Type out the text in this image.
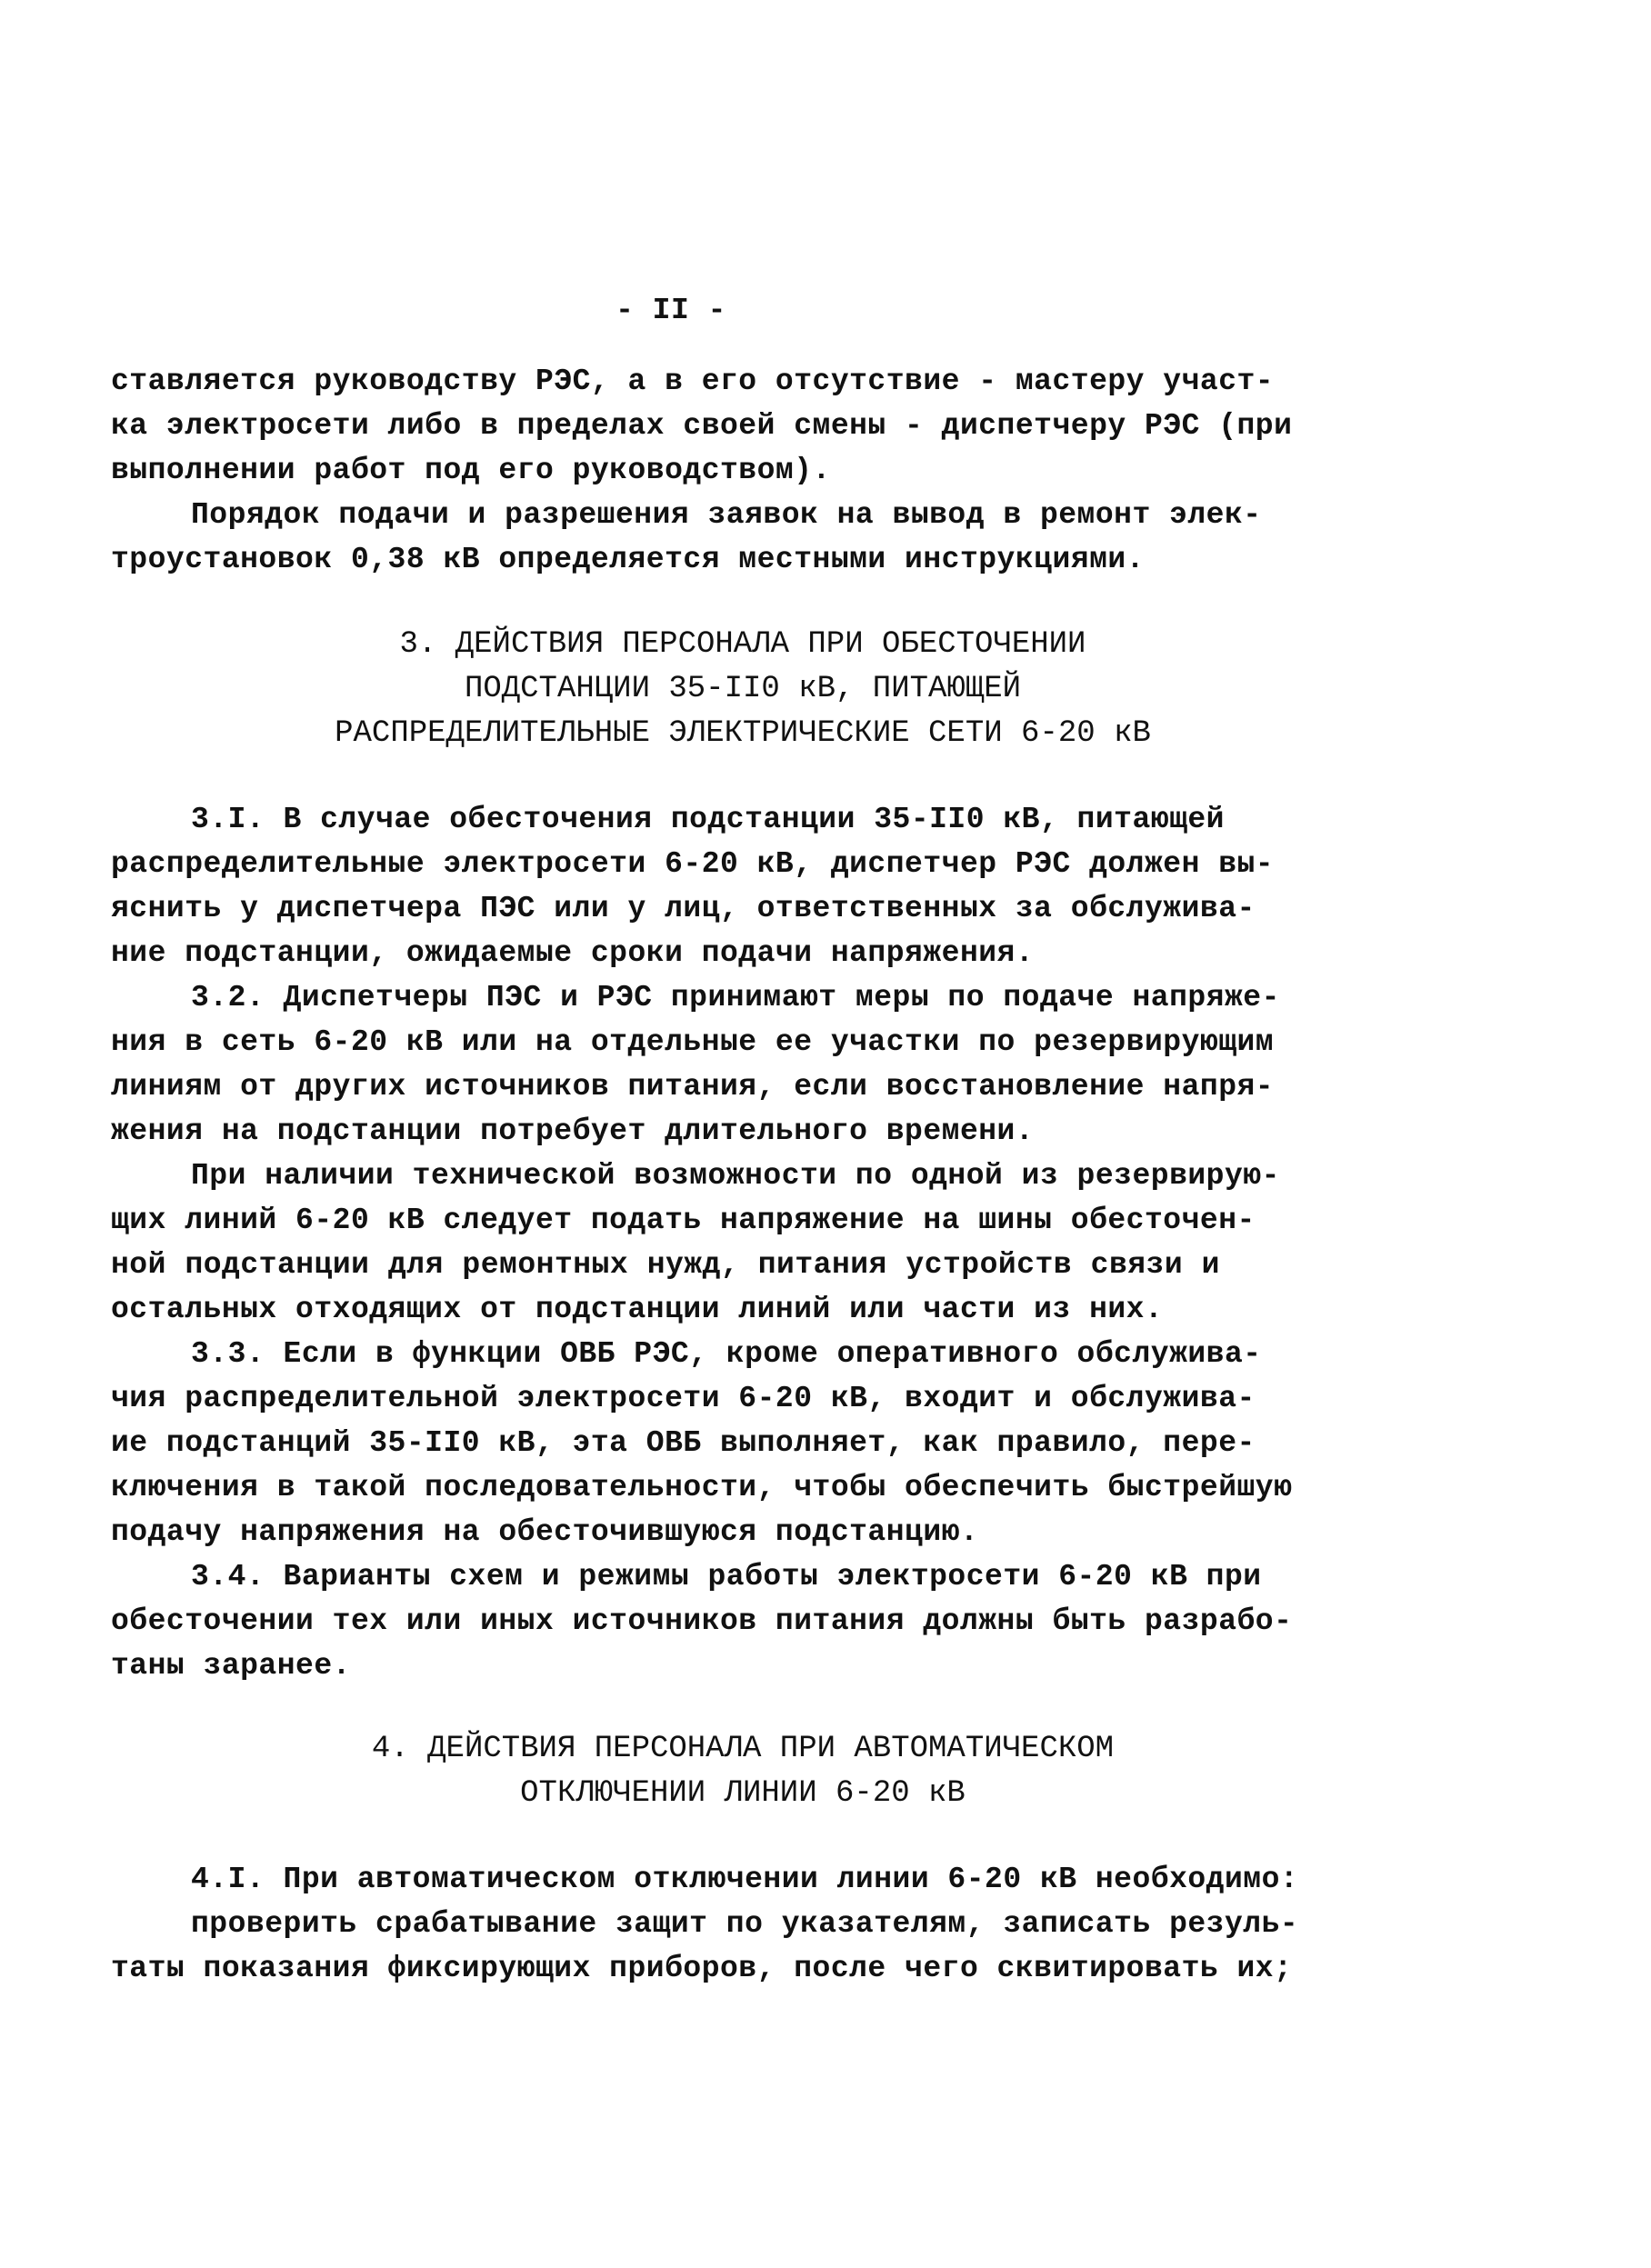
- II -
ставляется руководству РЭС, а в его отсутствие - мастеру участ-
ка электросети либо в пределах своей смены - диспетчеру РЭС (при
выполнении работ под его руководством).
Порядок подачи и разрешения заявок на вывод в ремонт элек-
троустановок 0,38 кВ определяется местными инструкциями.
3. ДЕЙСТВИЯ ПЕРСОНАЛА ПРИ ОБЕСТОЧЕНИИ
ПОДСТАНЦИИ 35-II0 кВ, ПИТАЮЩЕЙ
РАСПРЕДЕЛИТЕЛЬНЫЕ ЭЛЕКТРИЧЕСКИЕ СЕТИ 6-20 кВ
3.I. В случае обесточения подстанции 35-II0 кВ, питающей
распределительные электросети 6-20 кВ, диспетчер РЭС должен вы-
яснить у диспетчера ПЭС или у лиц, ответственных за обслужива-
ние подстанции, ожидаемые сроки подачи напряжения.
3.2. Диспетчеры ПЭС и РЭС принимают меры по подаче напряже-
ния в сеть 6-20 кВ или на отдельные ее участки по резервирующим
линиям от других источников питания, если восстановление напря-
жения на подстанции потребует длительного времени.
При наличии технической возможности по одной из резервирую-
щих линий 6-20 кВ следует подать напряжение на шины обесточен-
ной подстанции для ремонтных нужд, питания устройств связи и
остальных отходящих от подстанции линий или части из них.
3.3. Если в функции ОВБ РЭС, кроме оперативного обслужива-
чия распределительной электросети 6-20 кВ, входит и обслужива-
ие подстанций 35-II0 кВ, эта ОВБ выполняет, как правило, пере-
ключения в такой последовательности, чтобы обеспечить быстрейшую
подачу напряжения на обесточившуюся подстанцию.
3.4. Варианты схем и режимы работы электросети 6-20 кВ при
обесточении тех или иных источников питания должны быть разрабо-
таны заранее.
4. ДЕЙСТВИЯ ПЕРСОНАЛА ПРИ АВТОМАТИЧЕСКОМ
ОТКЛЮЧЕНИИ ЛИНИИ 6-20 кВ
4.I. При автоматическом отключении линии 6-20 кВ необходимо:
проверить срабатывание защит по указателям, записать резуль-
таты показания фиксирующих приборов, после чего сквитировать их;
